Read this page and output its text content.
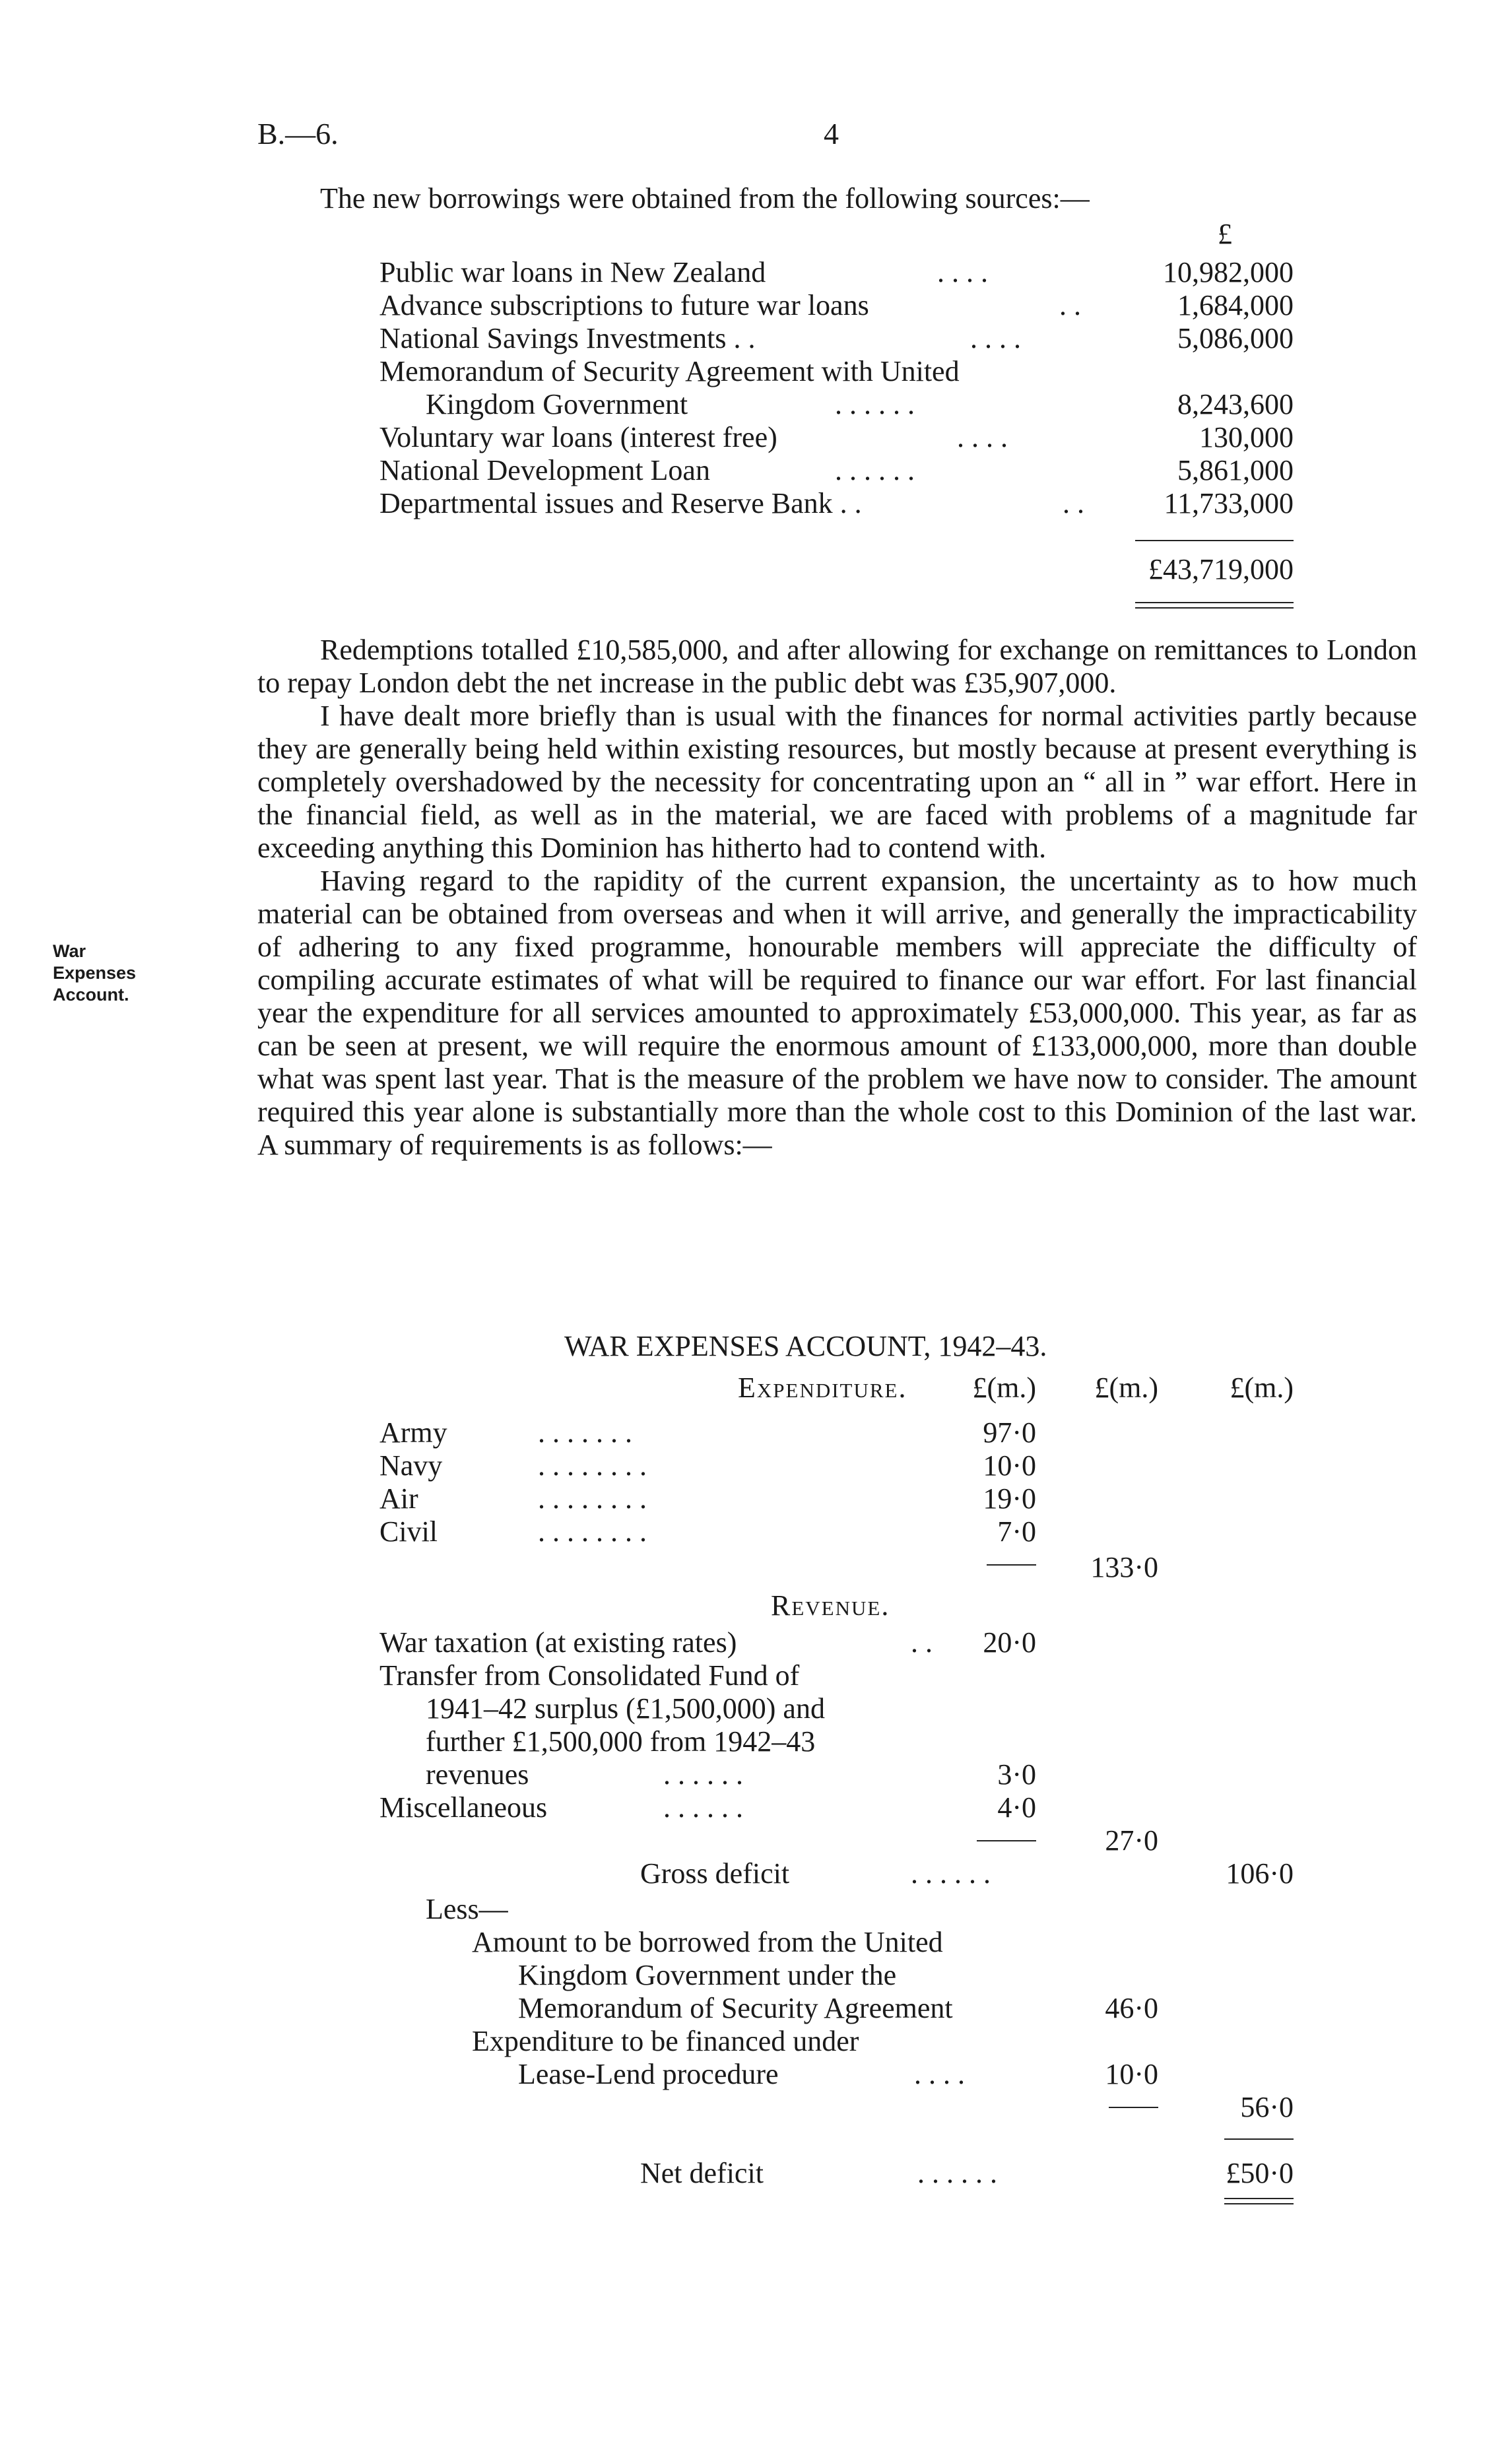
B.—6.	4
The new borrowings were obtained from the following sources:—
£
Public war loans in New Zealand	. . . .	10,982,000
Advance subscriptions to future war loans	. .	1,684,000
National Savings Investments . .	. . . .	5,086,000
Memorandum of Security Agreement with United
Kingdom Government	. . . . . .	8,243,600
Voluntary war loans (interest free)	. . . .	130,000
National Development Loan	. . . . . .	5,861,000
Departmental issues and Reserve Bank . .	. .	11,733,000
£43,719,000

Redemptions totalled £10,585,000, and after allowing for exchange on remittances to London to repay London debt the net increase in the public debt was £35,907,000.

I have dealt more briefly than is usual with the finances for normal activities partly because they are generally being held within existing resources, but mostly because at present everything is completely overshadowed by the necessity for concentrating upon an “ all in ” war effort. Here in the financial field, as well as in the material, we are faced with problems of a magnitude far exceeding anything this Dominion has hitherto had to contend with.

Having regard to the rapidity of the current expansion, the uncertainty as to how much material can be obtained from overseas and when it will arrive, and generally the impracticability of adhering to any fixed programme, honourable members will appreciate the difficulty of compiling accurate estimates of what will be required to finance our war effort. For last financial year the expenditure for all services amounted to approximately £53,000,000. This year, as far as can be seen at present, we will require the enormous amount of £133,000,000, more than double what was spent last year. That is the measure of the problem we have now to consider. The amount required this year alone is substantially more than the whole cost to this Dominion of the last war. A summary of requirements is as follows:—

War
Expenses
Account.
WAR EXPENSES ACCOUNT, 1942–43.
Expenditure.	£(m.)	£(m.)	£(m.)
Army	. . . . . . .	97·0
Navy	. . . . . . . .	10·0
Air	. . . . . . . .	19·0
Civil	. . . . . . . .	7·0
133·0
Revenue.
War taxation (at existing rates)	. .	20·0
Transfer from Consolidated Fund of
1941–42 surplus (£1,500,000) and
further £1,500,000 from 1942–43
revenues	. . . . . .	3·0
Miscellaneous	. . . . . .	4·0
27·0
Gross deficit	. . . . . .	106·0
Less—
Amount to be borrowed from the United
Kingdom Government under the
Memorandum of Security Agreement	46·0
Expenditure to be financed under
Lease-Lend procedure	. . . .	10·0
56·0
Net deficit	. . . . . .	£50·0
